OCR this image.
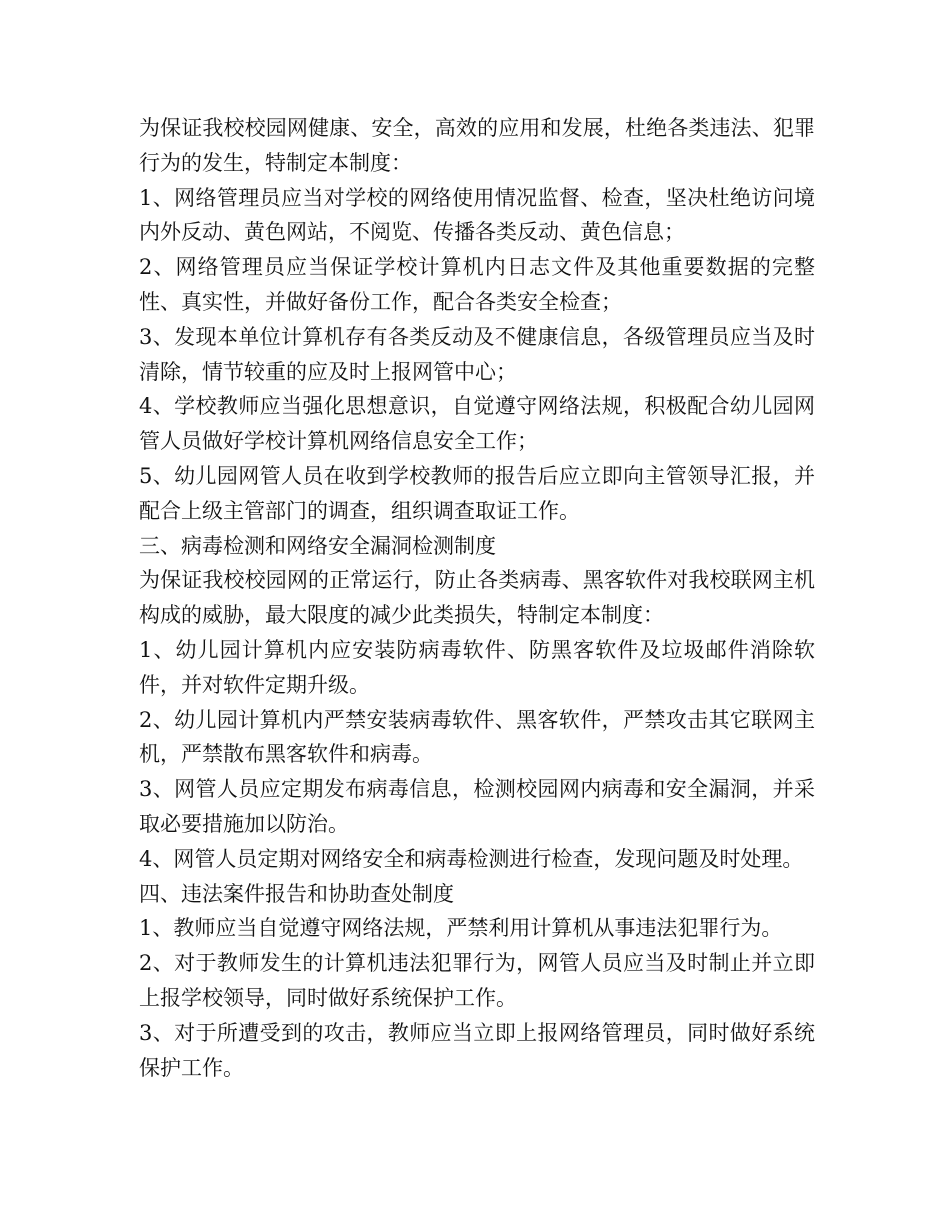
为保证我校校园网健康、安全，高效的应用和发展，杜绝各类违法、犯罪行为的发生，特制定本制度：

1、网络管理员应当对学校的网络使用情况监督、检查，坚决杜绝访问境内外反动、黄色网站，不阅览、传播各类反动、黄色信息；

2、网络管理员应当保证学校计算机内日志文件及其他重要数据的完整性、真实性，并做好备份工作，配合各类安全检查；

3、发现本单位计算机存有各类反动及不健康信息，各级管理员应当及时清除，情节较重的应及时上报网管中心；

4、学校教师应当强化思想意识，自觉遵守网络法规，积极配合幼儿园网管人员做好学校计算机网络信息安全工作；

5、幼儿园网管人员在收到学校教师的报告后应立即向主管领导汇报，并配合上级主管部门的调查，组织调查取证工作。

三、病毒检测和网络安全漏洞检测制度

为保证我校校园网的正常运行，防止各类病毒、黑客软件对我校联网主机构成的威胁，最大限度的减少此类损失，特制定本制度：

1、幼儿园计算机内应安装防病毒软件、防黑客软件及垃圾邮件消除软件，并对软件定期升级。

2、幼儿园计算机内严禁安装病毒软件、黑客软件，严禁攻击其它联网主机，严禁散布黑客软件和病毒。

3、网管人员应定期发布病毒信息，检测校园网内病毒和安全漏洞，并采取必要措施加以防治。

4、网管人员定期对网络安全和病毒检测进行检查，发现问题及时处理。

四、违法案件报告和协助查处制度

1、教师应当自觉遵守网络法规，严禁利用计算机从事违法犯罪行为。

2、对于教师发生的计算机违法犯罪行为，网管人员应当及时制止并立即上报学校领导，同时做好系统保护工作。

3、对于所遭受到的攻击，教师应当立即上报网络管理员，同时做好系统保护工作。
